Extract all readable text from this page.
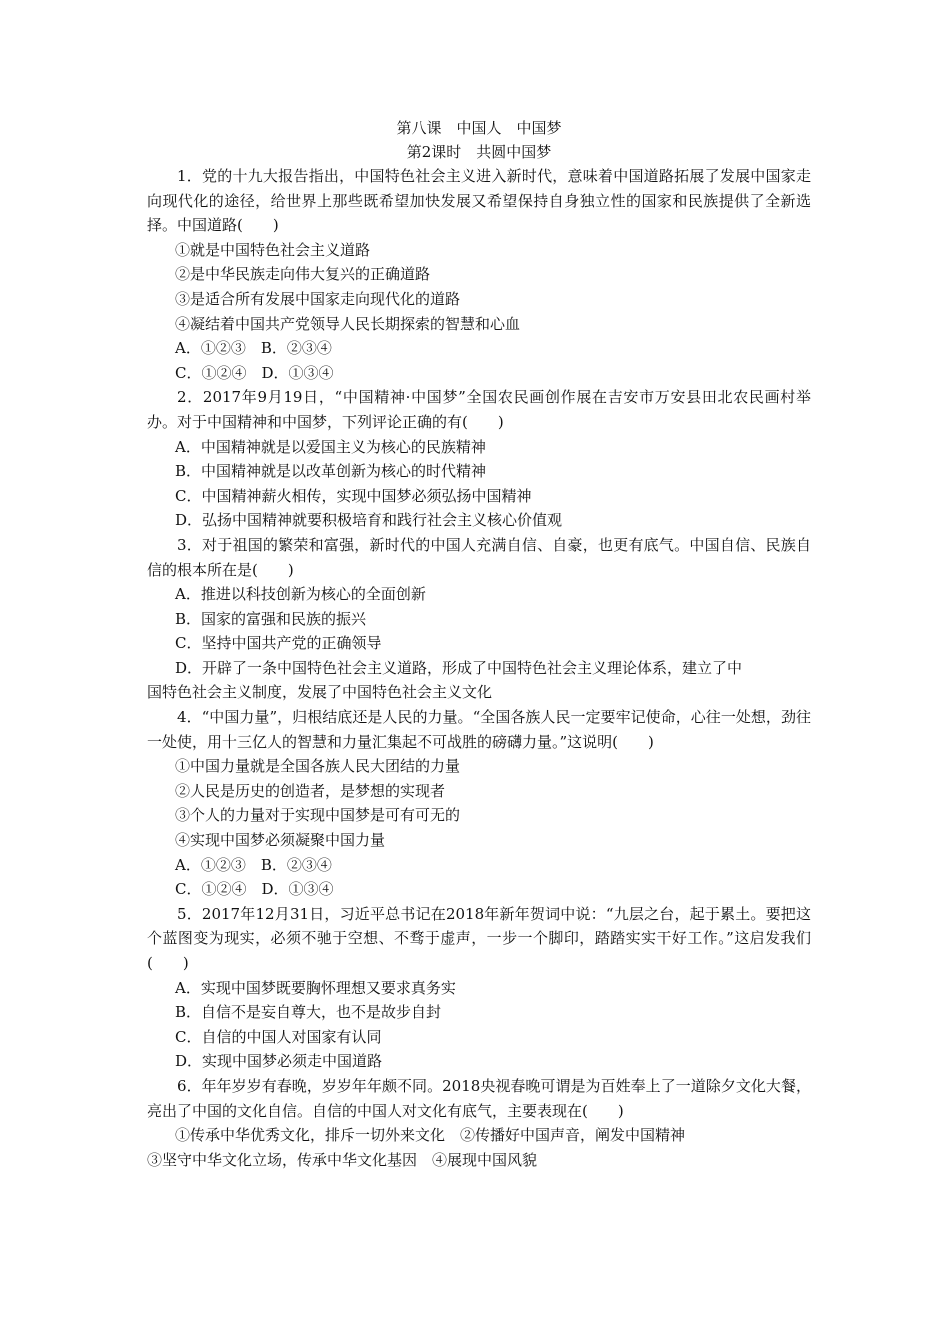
第八课　中国人　中国梦
第2课时　共圆中国梦

1．党的十九大报告指出，中国特色社会主义进入新时代，意味着中国道路拓展了发展中国家走向现代化的途径，给世界上那些既希望加快发展又希望保持自身独立性的国家和民族提供了全新选择。中国道路(　　)

①就是中国特色社会主义道路

②是中华民族走向伟大复兴的正确道路

③是适合所有发展中国家走向现代化的道路

④凝结着中国共产党领导人民长期探索的智慧和心血

A．①②③　B．②③④

C．①②④　D．①③④

2．2017年9月19日，“中国精神·中国梦”全国农民画创作展在吉安市万安县田北农民画村举办。对于中国精神和中国梦，下列评论正确的有(　　)

A．中国精神就是以爱国主义为核心的民族精神

B．中国精神就是以改革创新为核心的时代精神

C．中国精神薪火相传，实现中国梦必须弘扬中国精神

D．弘扬中国精神就要积极培育和践行社会主义核心价值观

3．对于祖国的繁荣和富强，新时代的中国人充满自信、自豪，也更有底气。中国自信、民族自信的根本所在是(　　)

A．推进以科技创新为核心的全面创新

B．国家的富强和民族的振兴

C．坚持中国共产党的正确领导

D．开辟了一条中国特色社会主义道路，形成了中国特色社会主义理论体系，建立了中

国特色社会主义制度，发展了中国特色社会主义文化

4．“中国力量”，归根结底还是人民的力量。“全国各族人民一定要牢记使命，心往一处想，劲往一处使，用十三亿人的智慧和力量汇集起不可战胜的磅礴力量。”这说明(　　)

①中国力量就是全国各族人民大团结的力量

②人民是历史的创造者，是梦想的实现者

③个人的力量对于实现中国梦是可有可无的

④实现中国梦必须凝聚中国力量

A．①②③　B．②③④

C．①②④　D．①③④

5．2017年12月31日，习近平总书记在2018年新年贺词中说：“九层之台，起于累土。要把这个蓝图变为现实，必须不驰于空想、不骛于虚声，一步一个脚印，踏踏实实干好工作。”这启发我们(　　)

A．实现中国梦既要胸怀理想又要求真务实

B．自信不是妄自尊大，也不是故步自封

C．自信的中国人对国家有认同

D．实现中国梦必须走中国道路

6．年年岁岁有春晚，岁岁年年颇不同。2018央视春晚可谓是为百姓奉上了一道除夕文化大餐，亮出了中国的文化自信。自信的中国人对文化有底气，主要表现在(　　)

①传承中华优秀文化，排斥一切外来文化　②传播好中国声音，阐发中国精神

③坚守中华文化立场，传承中华文化基因　④展现中国风貌
